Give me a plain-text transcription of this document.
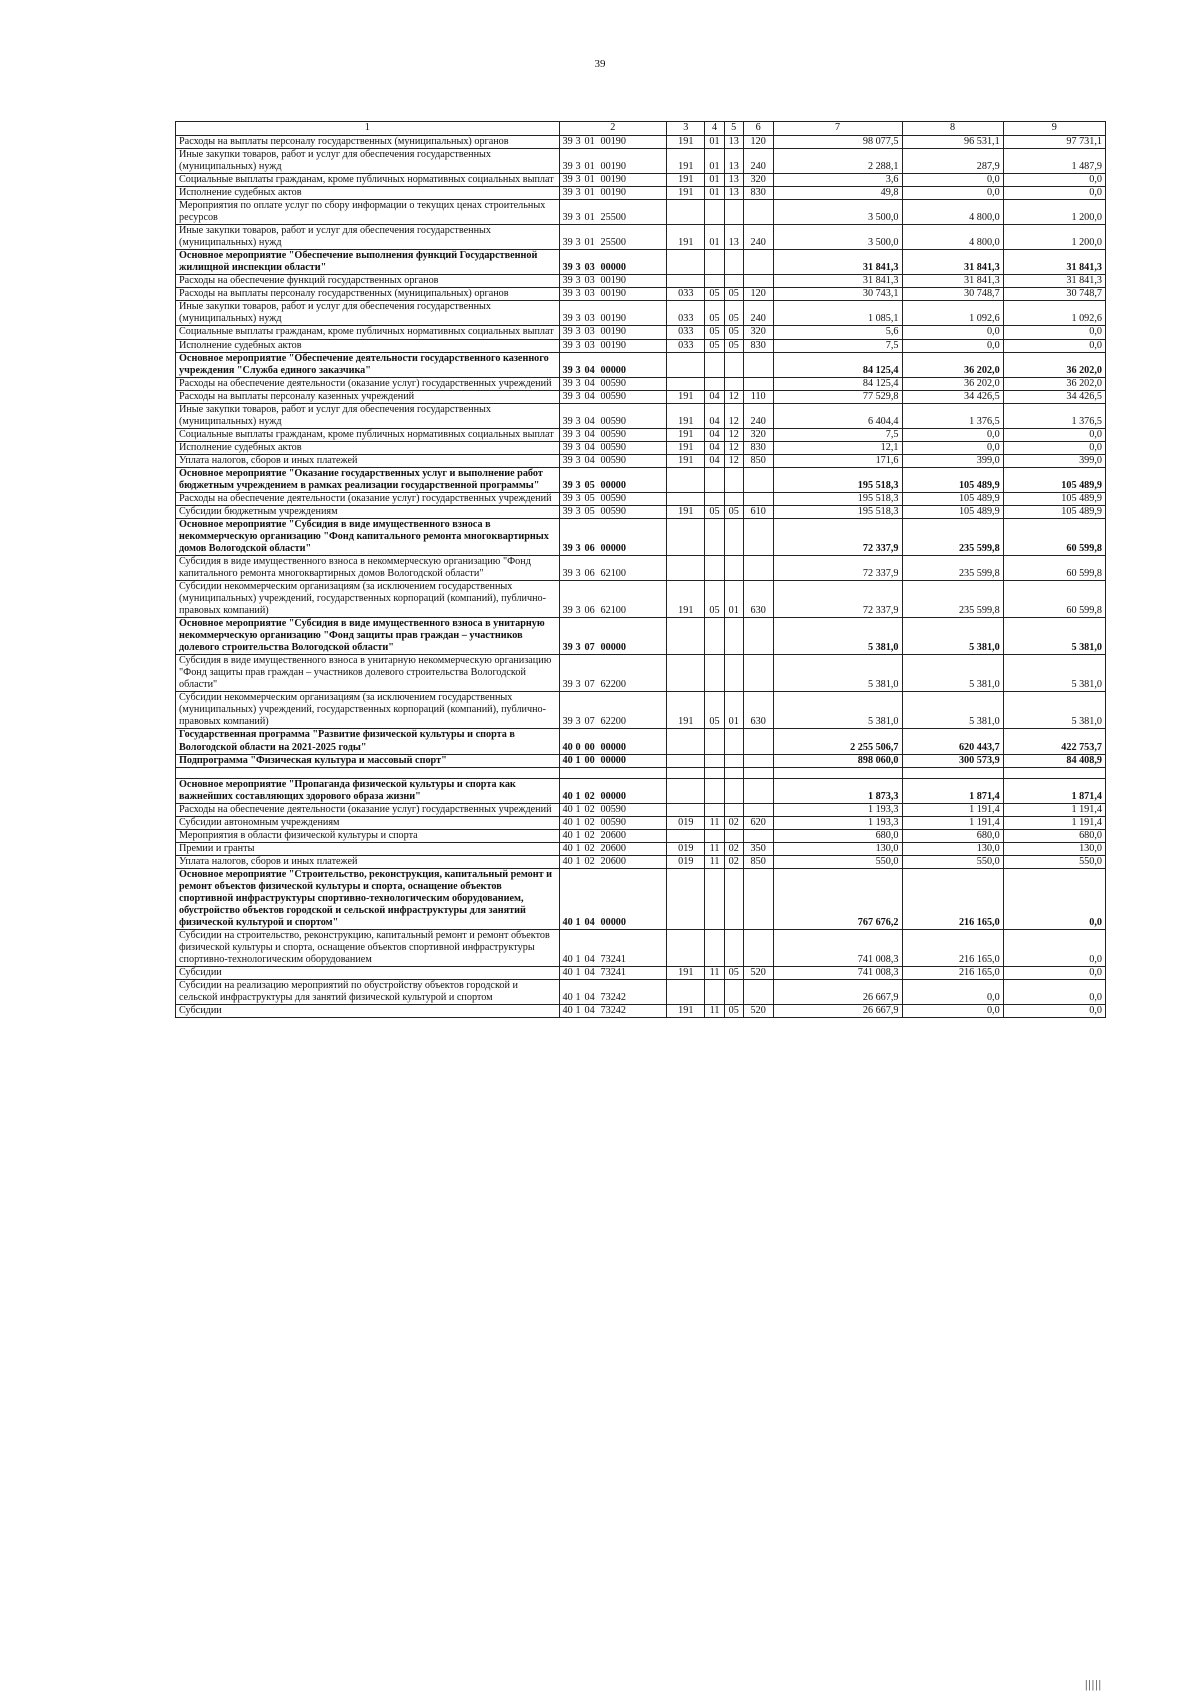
39
1	2	3	4	5	6	7	8	9
Расходы на выплаты персоналу государственных (муниципальных) органов	39 3 01 00190	191	01	13	120	98 077,5	96 531,1	97 731,1
Иные закупки товаров, работ и услуг для обеспечения государственных (муниципальных) нужд	39 3 01 00190	191	01	13	240	2 288,1	287,9	1 487,9
Социальные выплаты гражданам, кроме публичных нормативных социальных выплат	39 3 01 00190	191	01	13	320	3,6	0,0	0,0
Исполнение судебных актов	39 3 01 00190	191	01	13	830	49,8	0,0	0,0
Мероприятия по оплате услуг по сбору информации о текущих ценах строительных ресурсов	39 3 01 25500					3 500,0	4 800,0	1 200,0
Иные закупки товаров, работ и услуг для обеспечения государственных (муниципальных) нужд	39 3 01 25500	191	01	13	240	3 500,0	4 800,0	1 200,0
Основное мероприятие "Обеспечение выполнения функций Государственной жилищной инспекции области"	39 3 03 00000					31 841,3	31 841,3	31 841,3
Расходы на обеспечение функций государственных органов	39 3 03 00190					31 841,3	31 841,3	31 841,3
Расходы на выплаты персоналу государственных (муниципальных) органов	39 3 03 00190	033	05	05	120	30 743,1	30 748,7	30 748,7
Иные закупки товаров, работ и услуг для обеспечения государственных (муниципальных) нужд	39 3 03 00190	033	05	05	240	1 085,1	1 092,6	1 092,6
Социальные выплаты гражданам, кроме публичных нормативных социальных выплат	39 3 03 00190	033	05	05	320	5,6	0,0	0,0
Исполнение судебных актов	39 3 03 00190	033	05	05	830	7,5	0,0	0,0
Основное мероприятие "Обеспечение деятельности государственного казенного учреждения "Служба единого заказчика"	39 3 04 00000					84 125,4	36 202,0	36 202,0
Расходы на обеспечение деятельности (оказание услуг) государственных учреждений	39 3 04 00590					84 125,4	36 202,0	36 202,0
Расходы на выплаты персоналу казенных учреждений	39 3 04 00590	191	04	12	110	77 529,8	34 426,5	34 426,5
Иные закупки товаров, работ и услуг для обеспечения государственных (муниципальных) нужд	39 3 04 00590	191	04	12	240	6 404,4	1 376,5	1 376,5
Социальные выплаты гражданам, кроме публичных нормативных социальных выплат	39 3 04 00590	191	04	12	320	7,5	0,0	0,0
Исполнение судебных актов	39 3 04 00590	191	04	12	830	12,1	0,0	0,0
Уплата налогов, сборов и иных платежей	39 3 04 00590	191	04	12	850	171,6	399,0	399,0
Основное мероприятие "Оказание государственных услуг и выполнение работ бюджетным учреждением в рамках реализации государственной программы"	39 3 05 00000					195 518,3	105 489,9	105 489,9
Расходы на обеспечение деятельности (оказание услуг) государственных учреждений	39 3 05 00590					195 518,3	105 489,9	105 489,9
Субсидии бюджетным учреждениям	39 3 05 00590	191	05	05	610	195 518,3	105 489,9	105 489,9
Основное мероприятие "Субсидия в виде имущественного взноса в некоммерческую организацию "Фонд капитального ремонта многоквартирных домов Вологодской области"	39 3 06 00000					72 337,9	235 599,8	60 599,8
Субсидия в виде имущественного взноса в некоммерческую организацию "Фонд капитального ремонта многоквартирных домов Вологодской области"	39 3 06 62100					72 337,9	235 599,8	60 599,8
Субсидии некоммерческим организациям (за исключением государственных (муниципальных) учреждений, государственных корпораций (компаний), публично-правовых компаний)	39 3 06 62100	191	05	01	630	72 337,9	235 599,8	60 599,8
Основное мероприятие "Субсидия в виде имущественного взноса в унитарную некоммерческую организацию "Фонд защиты прав граждан – участников долевого строительства Вологодской области"	39 3 07 00000					5 381,0	5 381,0	5 381,0
Субсидия в виде имущественного взноса в унитарную некоммерческую организацию "Фонд защиты прав граждан – участников долевого строительства Вологодской области"	39 3 07 62200					5 381,0	5 381,0	5 381,0
Субсидии некоммерческим организациям (за исключением государственных (муниципальных) учреждений, государственных корпораций (компаний), публично-правовых компаний)	39 3 07 62200	191	05	01	630	5 381,0	5 381,0	5 381,0
Государственная программа "Развитие физической культуры и спорта в Вологодской области на 2021-2025 годы"	40 0 00 00000					2 255 506,7	620 443,7	422 753,7
Подпрограмма "Физическая культура и массовый спорт"	40 1 00 00000					898 060,0	300 573,9	84 408,9

Основное мероприятие "Пропаганда физической культуры и спорта как важнейших составляющих здорового образа жизни"	40 1 02 00000					1 873,3	1 871,4	1 871,4
Расходы на обеспечение деятельности (оказание услуг) государственных учреждений	40 1 02 00590					1 193,3	1 191,4	1 191,4
Субсидии автономным учреждениям	40 1 02 00590	019	11	02	620	1 193,3	1 191,4	1 191,4
Мероприятия в области физической культуры и спорта	40 1 02 20600					680,0	680,0	680,0
Премии и гранты	40 1 02 20600	019	11	02	350	130,0	130,0	130,0
Уплата налогов, сборов и иных платежей	40 1 02 20600	019	11	02	850	550,0	550,0	550,0
Основное мероприятие "Строительство, реконструкция, капитальный ремонт и ремонт объектов физической культуры и спорта, оснащение объектов спортивной инфраструктуры спортивно-технологическим оборудованием, обустройство объектов городской и сельской инфраструктуры для занятий физической культурой и спортом"	40 1 04 00000					767 676,2	216 165,0	0,0
Субсидии на строительство, реконструкцию, капитальный ремонт и ремонт объектов физической культуры и спорта, оснащение объектов спортивной инфраструктуры спортивно-технологическим оборудованием	40 1 04 73241					741 008,3	216 165,0	0,0
Субсидии	40 1 04 73241	191	11	05	520	741 008,3	216 165,0	0,0
Субсидии на реализацию мероприятий по обустройству объектов городской и сельской инфраструктуры для занятий физической культурой и спортом	40 1 04 73242					26 667,9	0,0	0,0
Субсидии	40 1 04 73242	191	11	05	520	26 667,9	0,0	0,0
|||||
